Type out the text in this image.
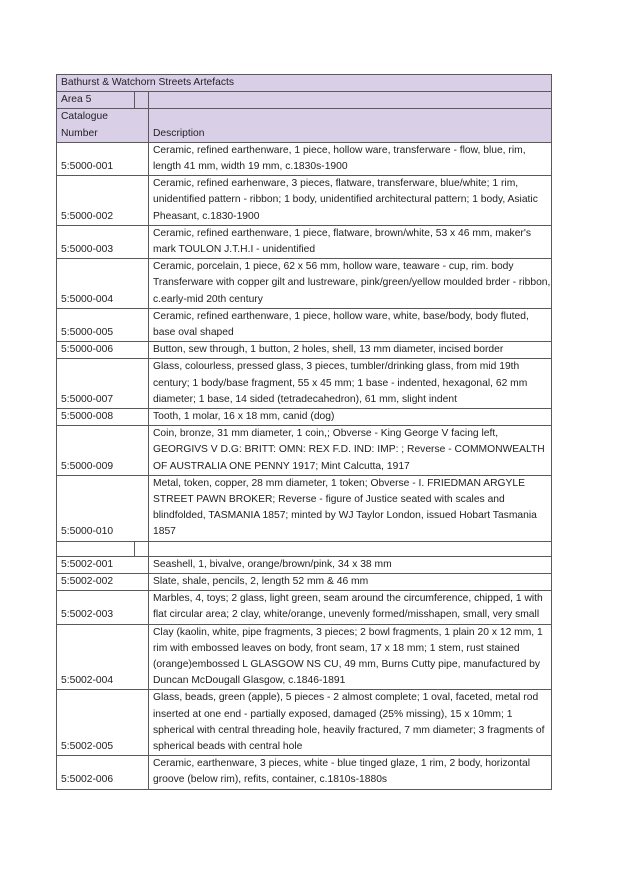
Bathurst & Watchorn Streets Artefacts		
Area 5		
Catalogue
Number		Description
5:5000-001		Ceramic, refined earthenware, 1 piece, hollow ware, transferware - flow, blue, rim, length 41 mm, width 19 mm, c.1830s-1900
5:5000-002		Ceramic, refined earhenware, 3 pieces, flatware, transferware, blue/white; 1 rim, unidentified pattern - ribbon; 1 body, unidentified architectural pattern; 1 body, Asiatic Pheasant, c.1830-1900
5:5000-003		Ceramic, refined earthenware, 1 piece, flatware, brown/white, 53 x 46 mm, maker's mark TOULON J.T.H.I - unidentified
5:5000-004		Ceramic, porcelain, 1 piece, 62 x 56 mm, hollow ware, teaware - cup, rim. body Transferware with copper gilt and lustreware, pink/green/yellow moulded brder - ribbon, c.early-mid 20th century
5:5000-005		Ceramic, refined earthenware, 1 piece, hollow ware, white, base/body, body fluted, base oval shaped
5:5000-006		Button, sew through, 1 button, 2 holes, shell, 13 mm diameter, incised border
5:5000-007		Glass, colourless, pressed glass, 3 pieces, tumbler/drinking glass, from mid 19th century; 1 body/base fragment, 55 x 45 mm; 1 base - indented, hexagonal, 62 mm diameter; 1 base, 14 sided (tetradecahedron), 61 mm, slight indent
5:5000-008		Tooth, 1 molar, 16 x 18 mm, canid (dog)
5:5000-009		Coin, bronze, 31 mm diameter, 1 coin,; Obverse - King George V facing left, GEORGIVS V D.G: BRITT: OMN: REX F.D. IND: IMP: ; Reverse - COMMONWEALTH OF AUSTRALIA ONE PENNY 1917; Mint Calcutta, 1917
5:5000-010		Metal, token, copper, 28 mm diameter, 1 token; Obverse - I. FRIEDMAN ARGYLE STREET PAWN BROKER; Reverse - figure of Justice seated with scales and blindfolded, TASMANIA 1857; minted by WJ Taylor London, issued Hobart Tasmania 1857

5:5002-001		Seashell, 1, bivalve, orange/brown/pink, 34 x 38 mm
5:5002-002		Slate, shale, pencils, 2, length 52 mm & 46 mm
5:5002-003		Marbles, 4, toys; 2 glass, light green, seam around the circumference, chipped, 1 with flat circular area; 2 clay, white/orange, unevenly formed/misshapen, small, very small
5:5002-004		Clay (kaolin, white, pipe fragments, 3 pieces; 2 bowl fragments, 1 plain 20 x 12 mm, 1 rim with embossed leaves on body, front seam, 17 x 18 mm; 1 stem, rust stained (orange)embossed L GLASGOW NS CU, 49 mm, Burns Cutty pipe, manufactured by Duncan McDougall Glasgow, c.1846-1891
5:5002-005		Glass, beads, green (apple), 5 pieces - 2 almost complete; 1 oval, faceted, metal rod inserted at one end - partially exposed, damaged (25% missing), 15 x 10mm; 1 spherical with central threading hole, heavily fractured, 7 mm diameter; 3 fragments of spherical beads with central hole
5:5002-006		Ceramic, earthenware, 3 pieces, white - blue tinged glaze, 1 rim, 2 body, horizontal groove (below rim), refits, container, c.1810s-1880s
